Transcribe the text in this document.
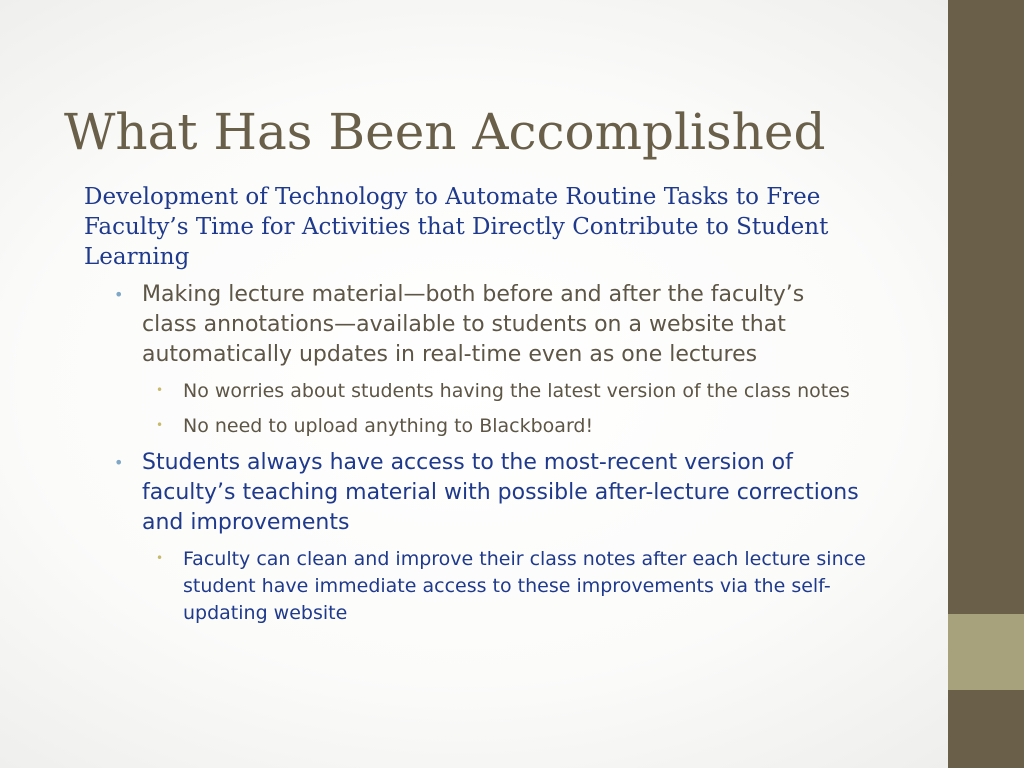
What Has Been Accomplished
Development of Technology to Automate Routine Tasks to Free Faculty’s Time for Activities that Directly Contribute to Student Learning
• Making lecture material—both before and after the faculty’s class annotations—available to students on a website that automatically updates in real-time even as one lectures
• No worries about students having the latest version of the class notes
• No need to upload anything to Blackboard!
• Students always have access to the most-recent version of faculty’s teaching material with possible after-lecture corrections and improvements
• Faculty can clean and improve their class notes after each lecture since student have immediate access to these improvements via the self-updating website
